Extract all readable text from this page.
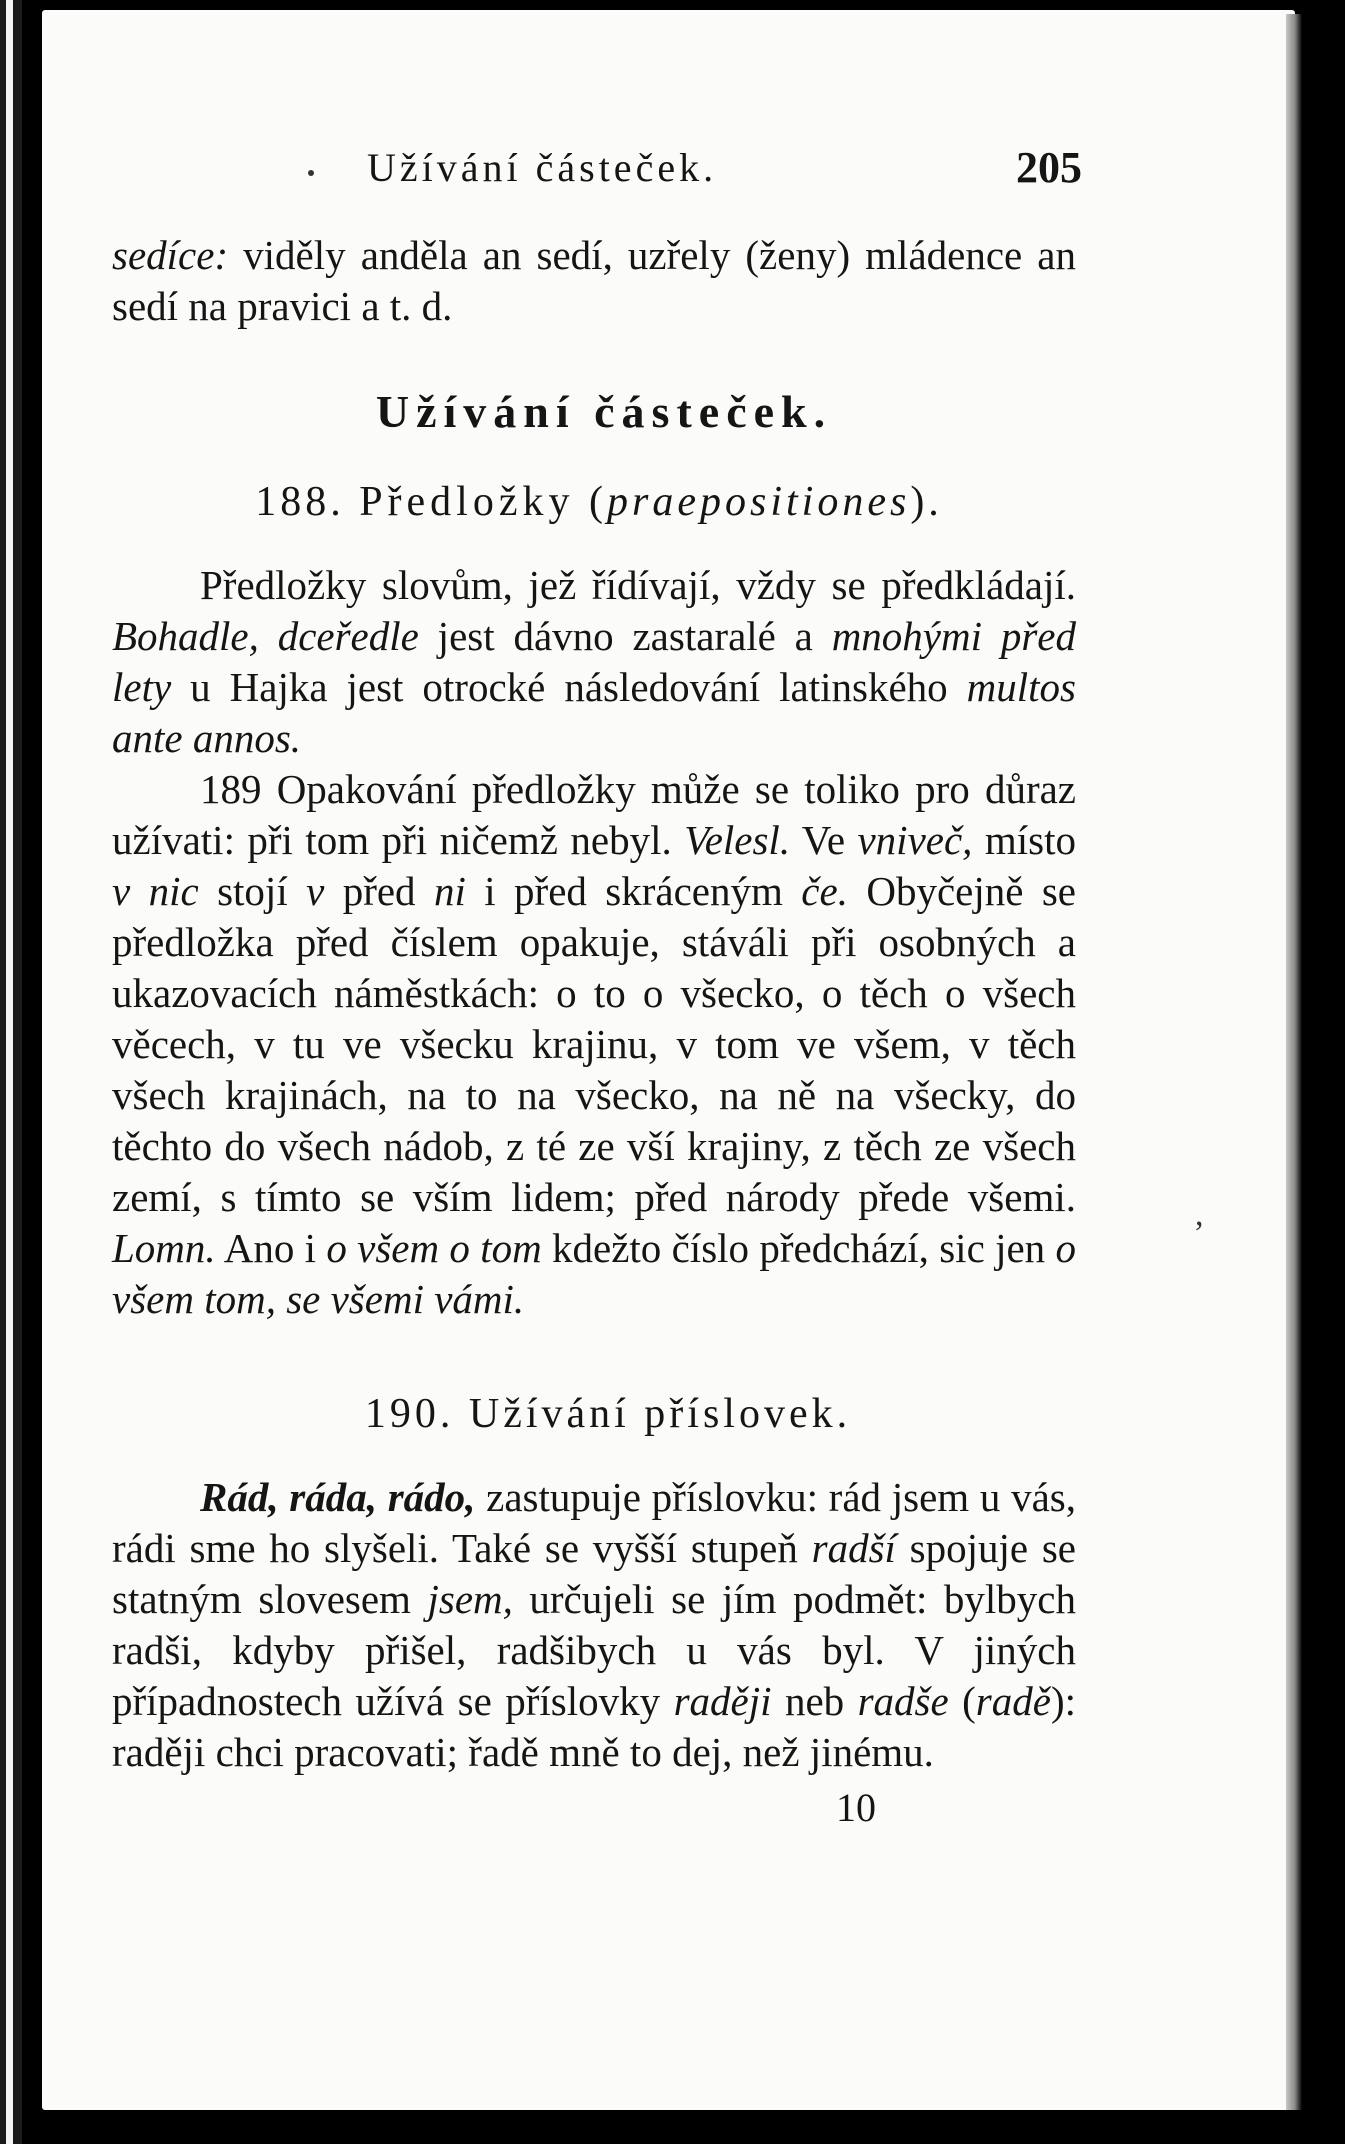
Užívání částeček.	205

sedíce: viděly anděla an sedí, uzřely (ženy) mládence an sedí na pravici a t. d.

Užívání částeček.
188. Předložky (praepositiones).

Předložky slovům, jež řídívají, vždy se předkládají. Bohadle, dceředle jest dávno zastaralé a mnohými před lety u Hajka jest otrocké následování latinského multos ante annos.

189 Opakování předložky může se toliko pro důraz užívati: při tom při ničemž nebyl. Velesl. Ve vniveč, místo v nic stojí v před ni i před skráceným če. Obyčejně se předložka před číslem opakuje, stáváli při osobných a ukazovacích náměstkách: o to o všecko, o těch o všech věcech, v tu ve všecku krajinu, v tom ve všem, v těch všech krajinách, na to na všecko, na ně na všecky, do těchto do všech nádob, z té ze vší krajiny, z těch ze všech zemí, s tímto se vším lidem; před národy přede všemi. Lomn. Ano i o všem o tom kdežto číslo předchází, sic jen o všem tom, se všemi vámi.

190. Užívání příslovek.

Rád, ráda, rádo, zastupuje příslovku: rád jsem u vás, rádi sme ho slyšeli. Také se vyšší stupeň radší spojuje se statným slovesem jsem, určujeli se jím podmět: bylbych radši, kdyby přišel, radšibych u vás byl. V jiných případnostech užívá se příslovky raději neb radše (radě): raději chci pracovati; řadě mně to dej, než jinému.

10
,
